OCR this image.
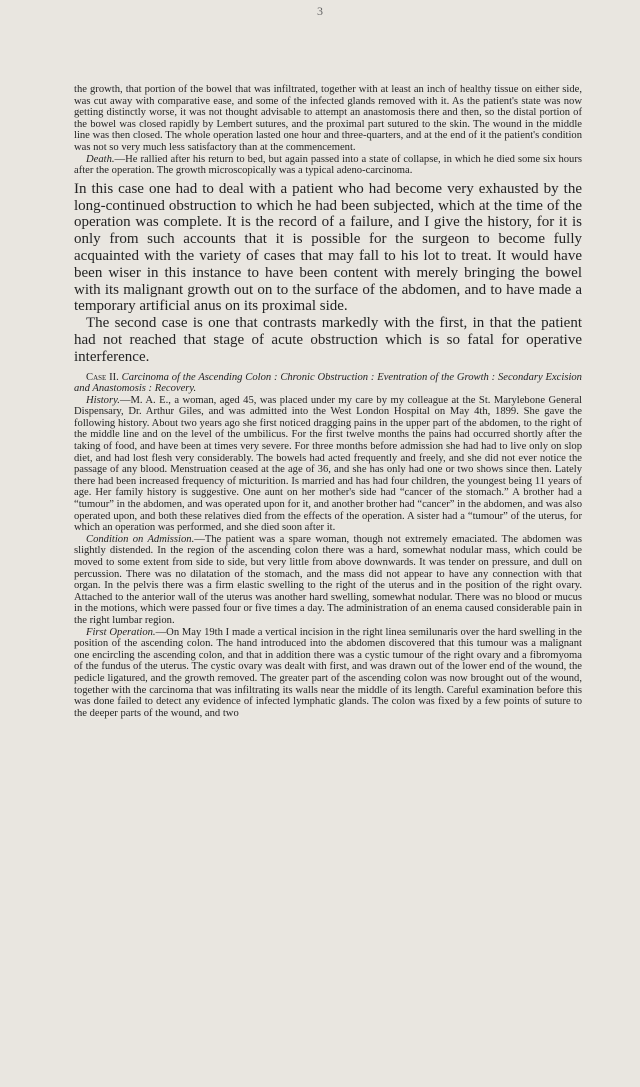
3

the growth, that portion of the bowel that was infiltrated, together with at least an inch of healthy tissue on either side, was cut away with comparative ease, and some of the infected glands removed with it. As the patient's state was now getting distinctly worse, it was not thought advisable to attempt an anastomosis there and then, so the distal portion of the bowel was closed rapidly by Lembert sutures, and the proximal part sutured to the skin. The wound in the middle line was then closed. The whole operation lasted one hour and three-quarters, and at the end of it the patient's condition was not so very much less satisfactory than at the commencement.

Death.—He rallied after his return to bed, but again passed into a state of collapse, in which he died some six hours after the operation. The growth microscopically was a typical adeno-carcinoma.

In this case one had to deal with a patient who had become very exhausted by the long-continued obstruction to which he had been subjected, which at the time of the operation was complete. It is the record of a failure, and I give the history, for it is only from such accounts that it is possible for the surgeon to become fully acquainted with the variety of cases that may fall to his lot to treat. It would have been wiser in this instance to have been content with merely bringing the bowel with its malignant growth out on to the surface of the abdomen, and to have made a temporary artificial anus on its proximal side.

The second case is one that contrasts markedly with the first, in that the patient had not reached that stage of acute obstruction which is so fatal for operative interference.

Case II. Carcinoma of the Ascending Colon : Chronic Obstruction : Eventration of the Growth : Secondary Excision and Anastomosis : Recovery.

History.—M. A. E., a woman, aged 45, was placed under my care by my colleague at the St. Marylebone General Dispensary, Dr. Arthur Giles, and was admitted into the West London Hospital on May 4th, 1899. She gave the following history. About two years ago she first noticed dragging pains in the upper part of the abdomen, to the right of the middle line and on the level of the umbilicus. For the first twelve months the pains had occurred shortly after the taking of food, and have been at times very severe. For three months before admission she had had to live only on slop diet, and had lost flesh very considerably. The bowels had acted frequently and freely, and she did not ever notice the passage of any blood. Menstruation ceased at the age of 36, and she has only had one or two shows since then. Lately there had been increased frequency of micturition. Is married and has had four children, the youngest being 11 years of age. Her family history is suggestive. One aunt on her mother's side had “cancer of the stomach.” A brother had a “tumour” in the abdomen, and was operated upon for it, and another brother had “cancer” in the abdomen, and was also operated upon, and both these relatives died from the effects of the operation. A sister had a “tumour” of the uterus, for which an operation was performed, and she died soon after it.

Condition on Admission.—The patient was a spare woman, though not extremely emaciated. The abdomen was slightly distended. In the region of the ascending colon there was a hard, somewhat nodular mass, which could be moved to some extent from side to side, but very little from above downwards. It was tender on pressure, and dull on percussion. There was no dilatation of the stomach, and the mass did not appear to have any connection with that organ. In the pelvis there was a firm elastic swelling to the right of the uterus and in the position of the right ovary. Attached to the anterior wall of the uterus was another hard swelling, somewhat nodular. There was no blood or mucus in the motions, which were passed four or five times a day. The administration of an enema caused considerable pain in the right lumbar region.

First Operation.—On May 19th I made a vertical incision in the right linea semilunaris over the hard swelling in the position of the ascending colon. The hand introduced into the abdomen discovered that this tumour was a malignant one encircling the ascending colon, and that in addition there was a cystic tumour of the right ovary and a fibromyoma of the fundus of the uterus. The cystic ovary was dealt with first, and was drawn out of the lower end of the wound, the pedicle ligatured, and the growth removed. The greater part of the ascending colon was now brought out of the wound, together with the carcinoma that was infiltrating its walls near the middle of its length. Careful examination before this was done failed to detect any evidence of infected lymphatic glands. The colon was fixed by a few points of suture to the deeper parts of the wound, and two
